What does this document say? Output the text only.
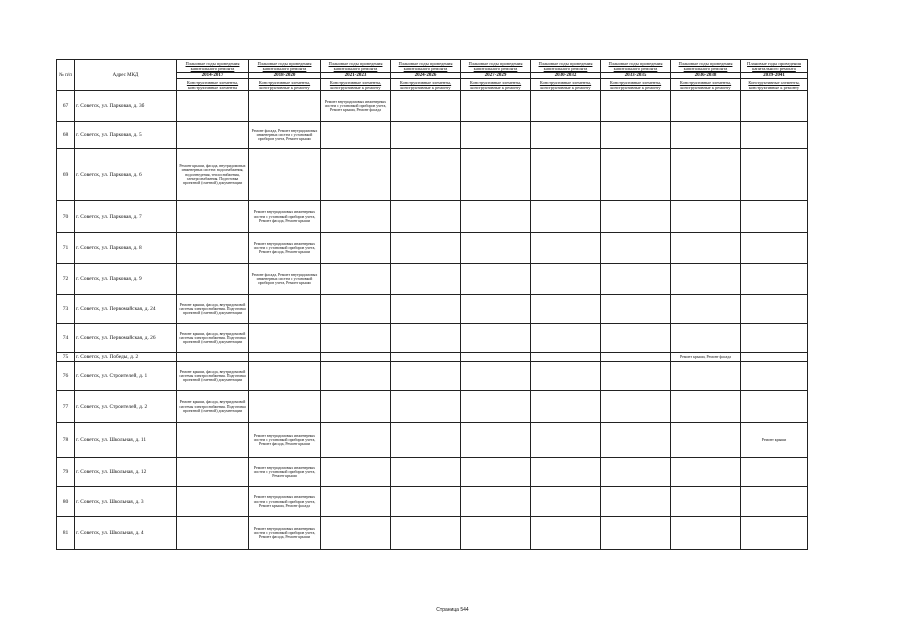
№ п/п	Адрес МКД	Плановые годы проведения капитального ремонта	Плановые годы проведения капитального ремонта	Плановые годы проведения капитального ремонта	Плановые годы проведения капитального ремонта	Плановые годы проведения капитального ремонта	Плановые годы проведения капитального ремонта	Плановые годы проведения капитального ремонта	Плановые годы проведения капитального ремонта	Плановые годы проведения капитального ремонта
		2014-2017	2018-2020	2021-2023	2024-2026	2027-2029	2030-2032	2033-2035	2036-2038	2039-2041
		Конструктивные элементы, конструктивные элементы	Конструктивные элементы, конструктивные к ремонту	Конструктивные элементы, конструктивные к ремонту	Конструктивные элементы, конструктивные к ремонту	Конструктивные элементы, конструктивные к ремонту	Конструктивные элементы, конструктивные к ремонту	Конструктивные элементы, конструктивные к ремонту	Конструктивные элементы, конструктивные к ремонту	Конструктивные элементы, конструктивные к ремонту
67	г. Советск, ул. Парковая, д. 3б			Ремонт внутридомовых инженерных систем с установкой приборов учета, Ремонт крыши, Ремонт фасада						
68	г. Советск, ул. Парковая, д. 5		Ремонт фасада, Ремонт внутридомовых инженерных систем с установкой приборов учета, Ремонт крыши							
69	г. Советск, ул. Парковая, д. 6	Ремонт крыши, фасада, внутридомовых инженерных систем: водоснабжения, водоотведения, теплоснабжения, электроснабжения. Подготовка проектной (сметной) документации								
70	г. Советск, ул. Парковая, д. 7		Ремонт внутридомовых инженерных систем с установкой приборов учета, Ремонт фасада, Ремонт крыши							
71	г. Советск, ул. Парковая, д. 8		Ремонт внутридомовых инженерных систем с установкой приборов учета, Ремонт фасада, Ремонт крыши							
72	г. Советск, ул. Парковая, д. 9		Ремонт фасада, Ремонт внутридомовых инженерных систем с установкой приборов учета, Ремонт крыши							
73	г. Советск, ул. Первомайская, д. 24	Ремонт крыши, фасада, внутридомовой системы электроснабжения. Подготовка проектной (сметной) документации								
74	г. Советск, ул. Первомайская, д. 26	Ремонт крыши, фасада, внутридомовой системы электроснабжения. Подготовка проектной (сметной) документации								
75	г. Советск, ул. Победы, д. 2								Ремонт крыши, Ремонт фасада	
76	г. Советск, ул. Строителей, д. 1	Ремонт крыши, фасада, внутридомовой системы электроснабжения. Подготовка проектной (сметной) документации								
77	г. Советск, ул. Строителей, д. 2	Ремонт крыши, фасада, внутридомовой системы электроснабжения. Подготовка проектной (сметной) документации								
78	г. Советск, ул. Школьная, д. 11		Ремонт внутридомовых инженерных систем с установкой приборов учета, Ремонт фасада, Ремонт крыши							Ремонт крыши
79	г. Советск, ул. Школьная, д. 12		Ремонт внутридомовых инженерных систем с установкой приборов учета, Ремонт крыши							
80	г. Советск, ул. Школьная, д. 3		Ремонт внутридомовых инженерных систем с установкой приборов учета, Ремонт крыши, Ремонт фасада							
81	г. Советск, ул. Школьная, д. 4		Ремонт внутридомовых инженерных систем с установкой приборов учета, Ремонт фасада, Ремонт крыши							
Страница 544
